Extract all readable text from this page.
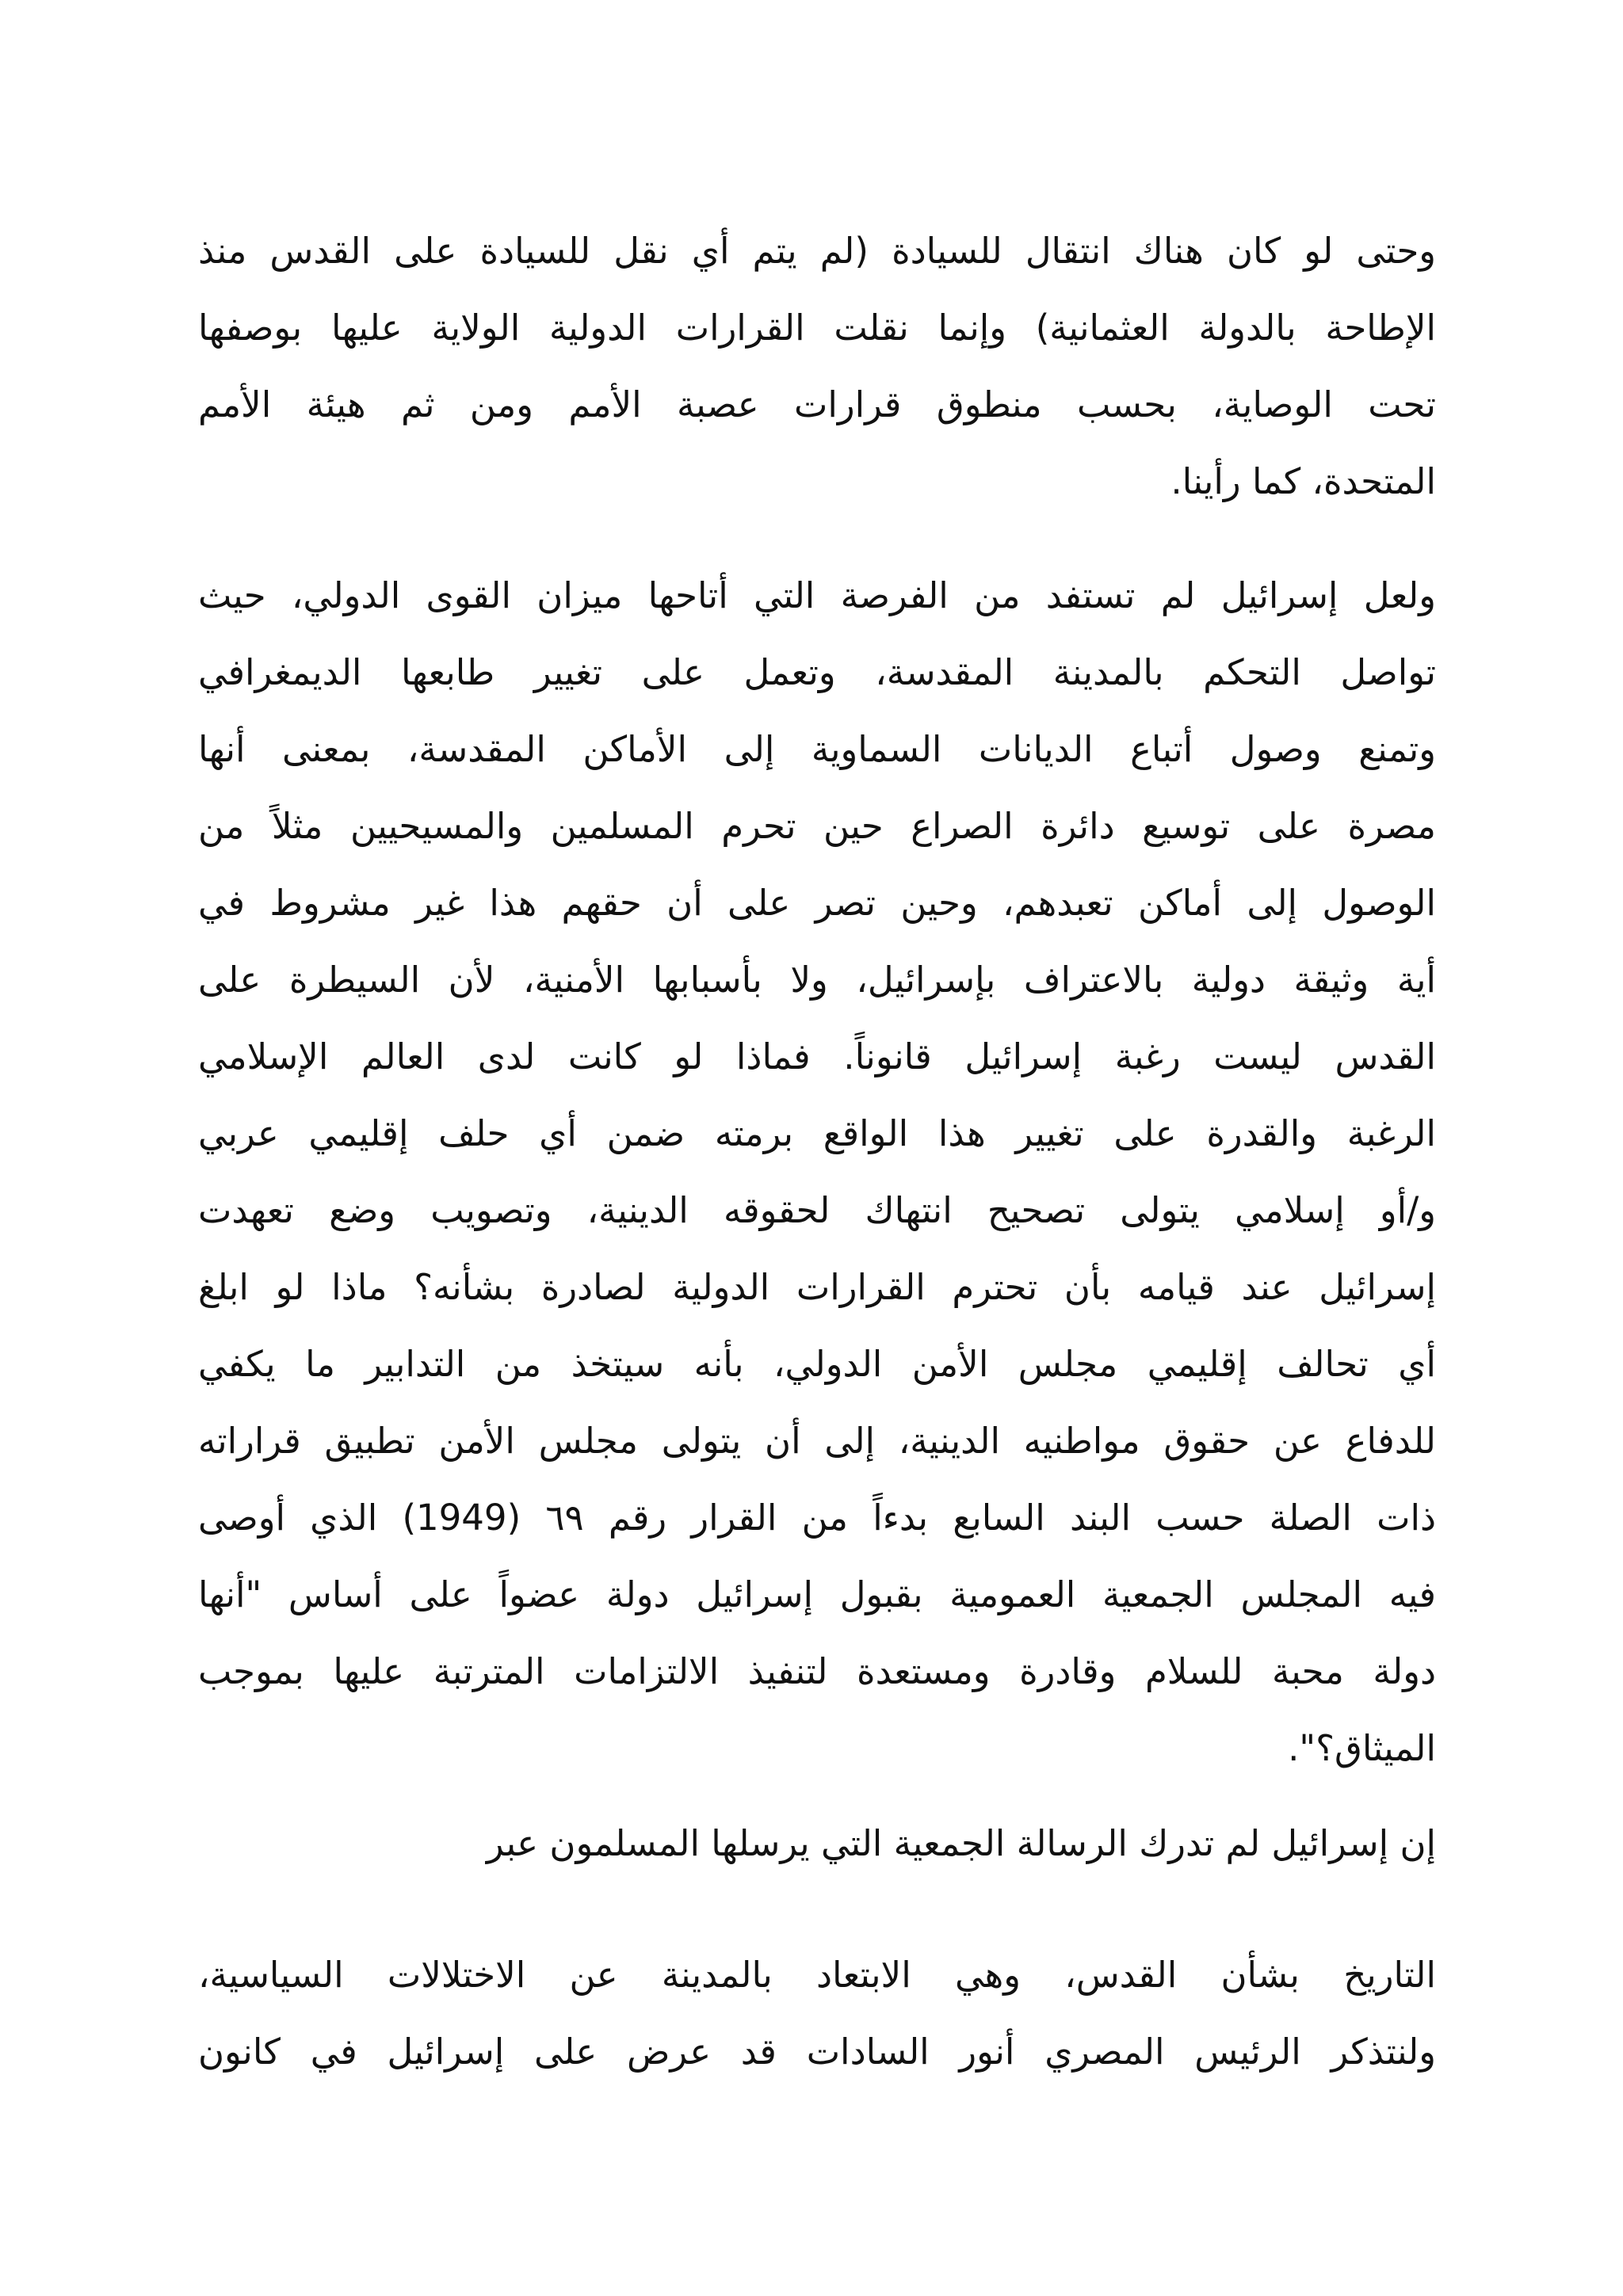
وحتى لو كان هناك انتقال للسيادة (لم يتم أي نقل للسيادة على القدس منذ
الإطاحة بالدولة العثمانية) وإنما نقلت القرارات الدولية الولاية عليها بوصفها
تحت الوصاية، بحسب منطوق قرارات عصبة الأمم ومن ثم هيئة الأمم
المتحدة، كما رأينا.
ولعل إسرائيل لم تستفد من الفرصة التي أتاحها ميزان القوى الدولي، حيث
تواصل التحكم بالمدينة المقدسة، وتعمل على تغيير طابعها الديمغرافي
وتمنع وصول أتباع الديانات السماوية إلى الأماكن المقدسة، بمعنى أنها
مصرة على توسيع دائرة الصراع حين تحرم المسلمين والمسيحيين مثلاً من
الوصول إلى أماكن تعبدهم، وحين تصر على أن حقهم هذا غير مشروط في
أية وثيقة دولية بالاعتراف بإسرائيل، ولا بأسبابها الأمنية، لأن السيطرة على
القدس ليست رغبة إسرائيل قانوناً. فماذا لو كانت لدى العالم الإسلامي
الرغبة والقدرة على تغيير هذا الواقع برمته ضمن أي حلف إقليمي عربي
و/أو إسلامي يتولى تصحيح انتهاك لحقوقه الدينية، وتصويب وضع تعهدت
إسرائيل عند قيامه بأن تحترم القرارات الدولية لصادرة بشأنه؟ ماذا لو ابلغ
أي تحالف إقليمي مجلس الأمن الدولي، بأنه سيتخذ من التدابير ما يكفي
للدفاع عن حقوق مواطنيه الدينية، إلى أن يتولى مجلس الأمن تطبيق قراراته
ذات الصلة حسب البند السابع بدءاً من القرار رقم ٦٩ (1949) الذي أوصى
فيه المجلس الجمعية العمومية بقبول إسرائيل دولة عضواً على أساس "أنها
دولة محبة للسلام وقادرة ومستعدة لتنفيذ الالتزامات المترتبة عليها بموجب
الميثاق؟".
إن إسرائيل لم تدرك الرسالة الجمعية التي يرسلها المسلمون عبر
التاريخ بشأن القدس، وهي الابتعاد بالمدينة عن الاختلالات السياسية،
ولنتذكر الرئيس المصري أنور السادات قد عرض على إسرائيل في كانون
